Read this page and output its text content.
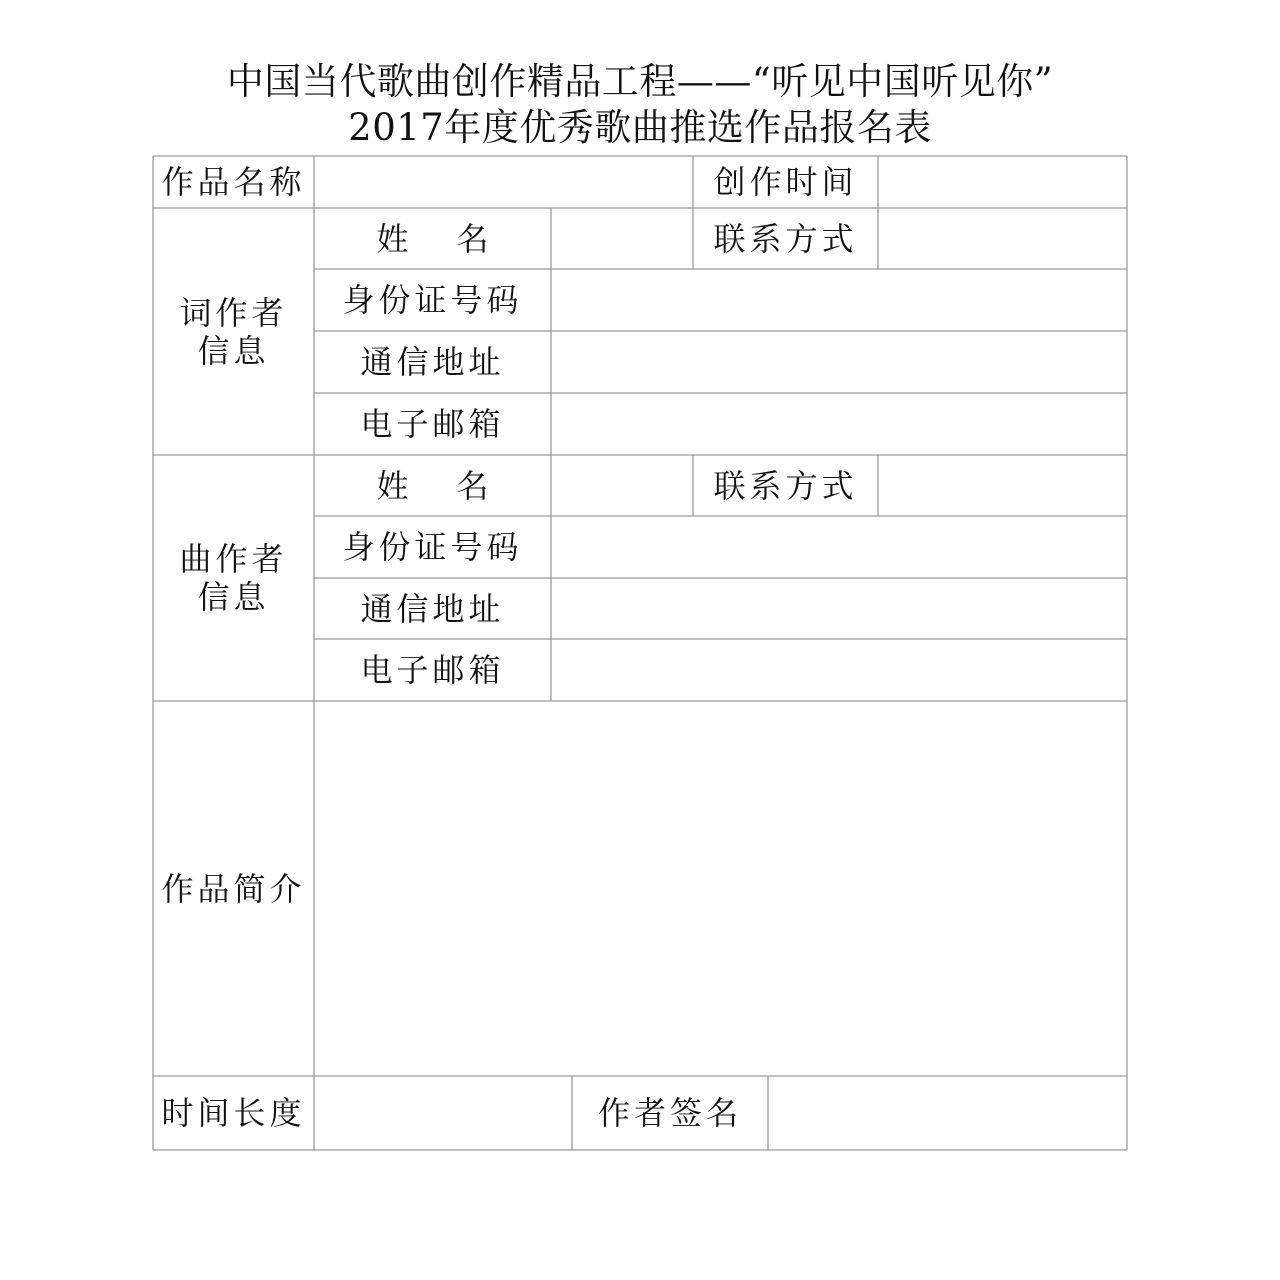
中国当代歌曲创作精品工程——“听见中国听见你”
2017年度优秀歌曲推选作品报名表
作品名称	创作时间
词作者
信息
姓名	联系方式
身份证号码
通信地址
电子邮箱
曲作者
信息
姓名	联系方式
身份证号码
通信地址
电子邮箱
作品简介
时间长度	作者签名
